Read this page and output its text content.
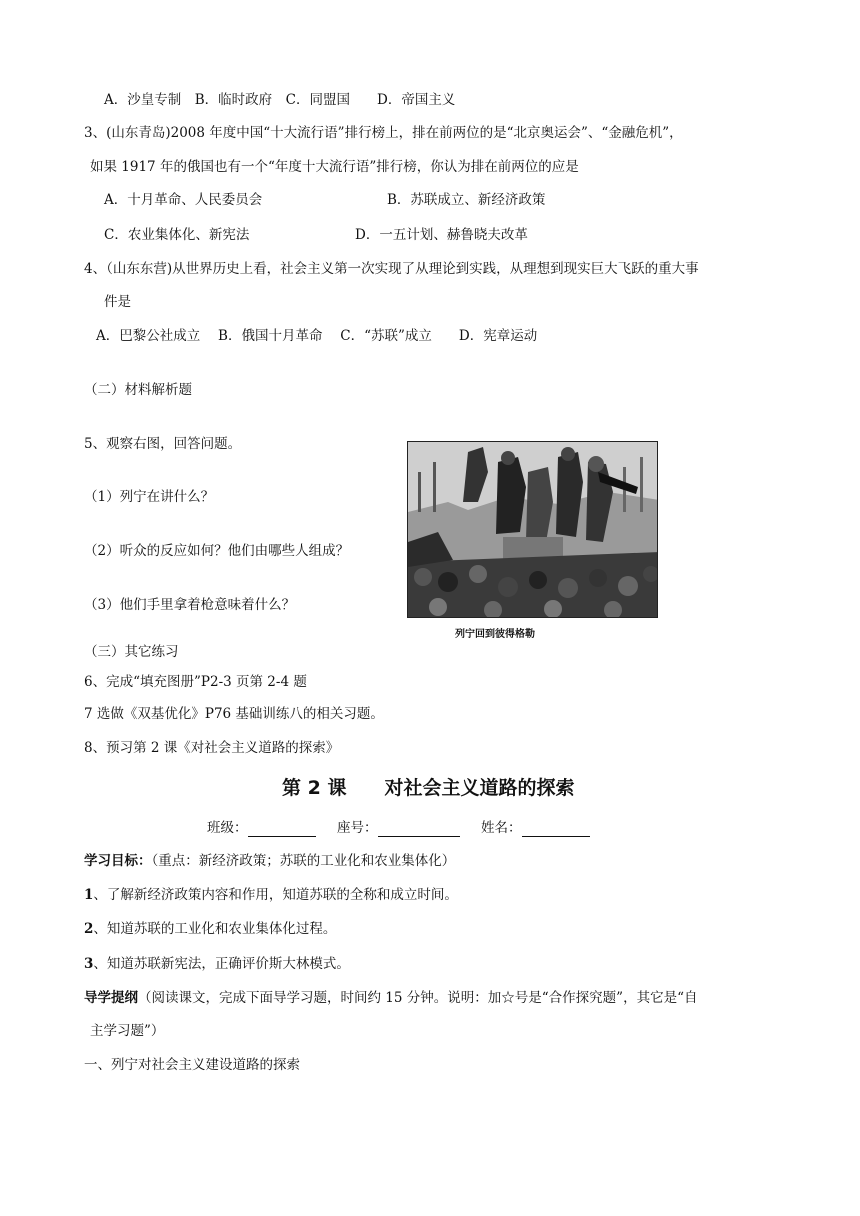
A．沙皇专制　B．临时政府　C．同盟国　　D．帝国主义
3、(山东青岛)2008 年度中国“十大流行语”排行榜上，排在前两位的是“北京奥运会”、“金融危机”，
如果 1917 年的俄国也有一个“年度十大流行语”排行榜，你认为排在前两位的应是
A．十月革命、人民委员会	B．苏联成立、新经济政策
C．农业集体化、新宪法	D．一五计划、赫鲁晓夫改革
4、（山东东营)从世界历史上看，社会主义第一次实现了从理论到实践，从理想到现实巨大飞跃的重大事
件是
A．巴黎公社成立　 B．俄国十月革命　 C．“苏联”成立　　D．宪章运动
（二）材料解析题
5、观察右图，回答问题。
（1）列宁在讲什么？
（2）听众的反应如何？他们由哪些人组成？
（3）他们手里拿着枪意味着什么？
列宁回到彼得格勒
（三）其它练习
6、完成“填充图册”P2-3 页第 2-4 题
7 选做《双基优化》P76 基础训练八的相关习题。
8、预习第 2 课《对社会主义道路的探索》
第 2 课　　对社会主义道路的探索
班级：	座号：	姓名：
学习目标：（重点：新经济政策；苏联的工业化和农业集体化）
1、了解新经济政策内容和作用，知道苏联的全称和成立时间。
2、知道苏联的工业化和农业集体化过程。
3、知道苏联新宪法，正确评价斯大林模式。
导学提纲（阅读课文，完成下面导学习题，时间约 15 分钟。说明：加☆号是“合作探究题”，其它是“自
主学习题”）
一、列宁对社会主义建设道路的探索
